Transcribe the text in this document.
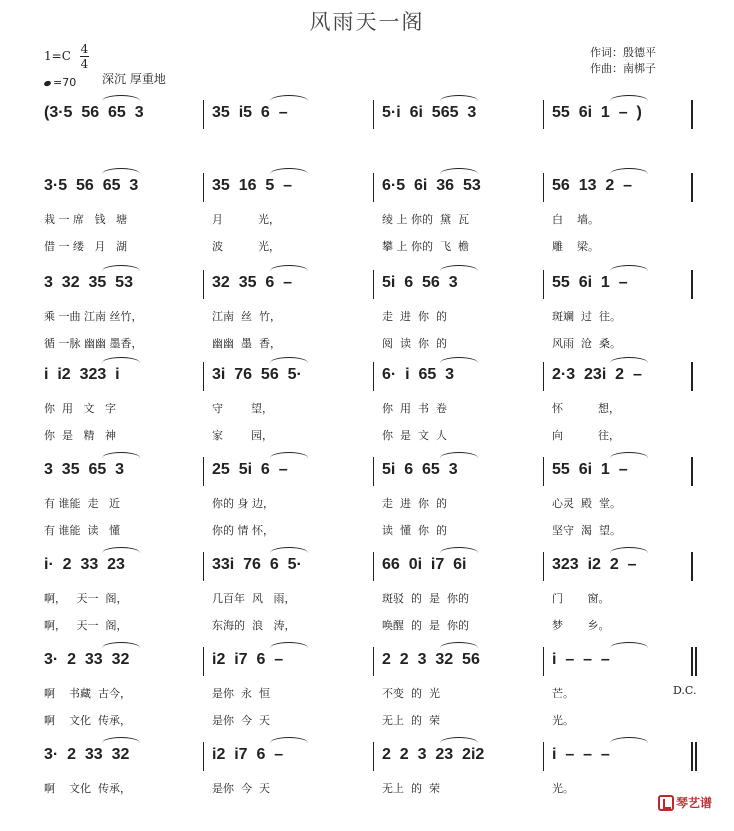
风雨天一阁
1=C 4
4
=70 深沉 厚重地
作词：殷德平
作曲：南梆子
(3·5  56  65  3	35  i5  6  –	5·i  6i  565  3	55  6i  1  –  )
3·5  56  65  3	35  16  5  –	6·5  6i  36  53	56  13  2  –
栽 一 席   钱   塘	月          光，	绫 上 你的  黛  瓦	白    墙。
借 一 缕   月   湖	波          光，	攀 上 你的  飞  檐	雕    梁。
3  32  35  53	32  35  6  –	5i  6  56  3	55  6i  1  –
乘 一曲 江南 丝竹，	江南  丝  竹，	走  进  你  的	斑斓  过  往。
循 一脉 幽幽 墨香，	幽幽  墨  香，	阅  读  你  的	风雨  沧  桑。
i  i2  323  i	3i  76  56  5·	6·  i  65  3	2·3  23i  2  –
你  用   文   字	守        望，	你  用  书  卷	怀          想，
你  是   精   神	家        园，	你  是  文  人	向          往，
3  35  65  3	25  5i  6  –	5i  6  65  3	55  6i  1  –
有 谁能  走   近	你的 身 边，	走  进  你  的	心灵  殿  堂。
有 谁能  读   懂	你的 情 怀，	读  懂  你  的	坚守  渴  望。
i·  2  33  23	33i  76  6  5·	66  0i  i7  6i	323  i2  2  –
啊，   天一  阁，	几百年  风   雨，	斑驳  的  是  你的	门       窗。
啊，   天一  阁，	东海的  浪   涛，	唤醒  的  是  你的	梦       乡。
3·  2  33  32	i2  i7  6  –	2  2  3  32  56	i  –  –  –
啊    书藏  古今，	是你  永  恒	不变  的  光	芒。
啊    文化  传承，	是你  今  天	无上  的  荣	光。
3·  2  33  32	i2  i7  6  –	2  2  3  23  2i2	i  –  –  –
啊    文化  传承，	是你  今  天	无上  的  荣	光。
D.C.
琴艺谱
